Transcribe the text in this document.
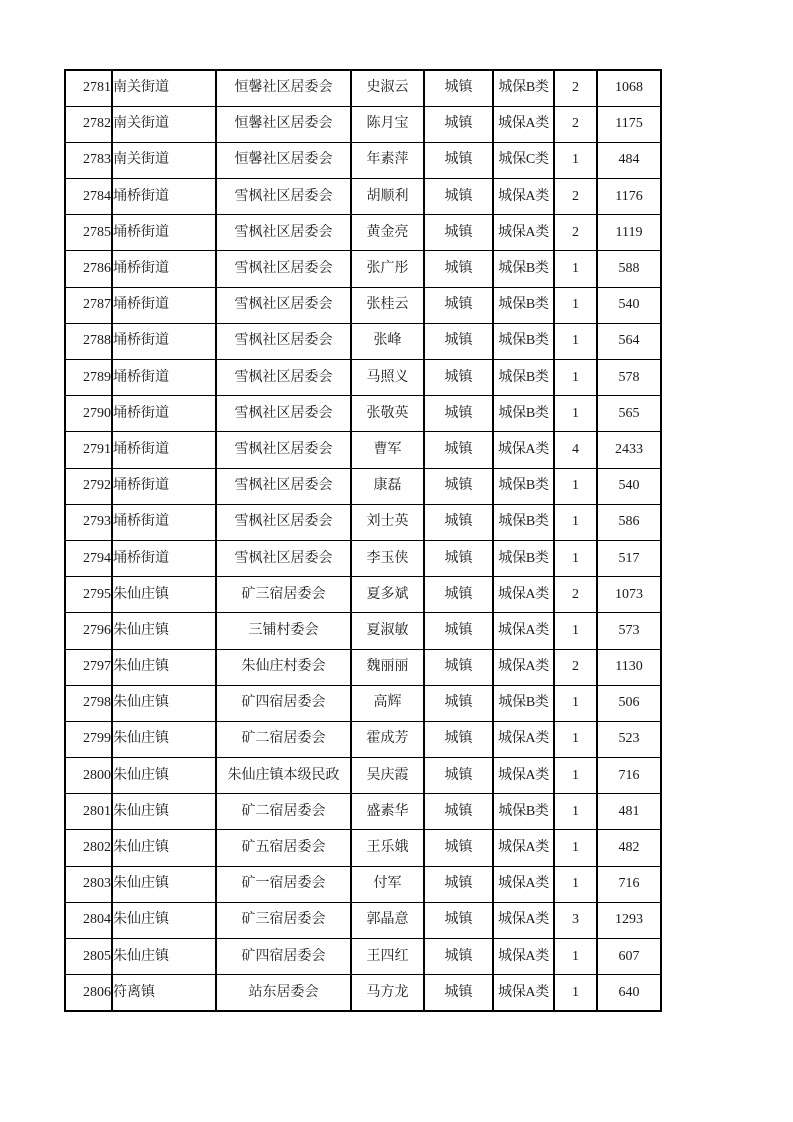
2781	南关街道	恒馨社区居委会	史淑云	城镇	城保B类	2	1068
2782	南关街道	恒馨社区居委会	陈月宝	城镇	城保A类	2	1175
2783	南关街道	恒馨社区居委会	年素萍	城镇	城保C类	1	484
2784	埇桥街道	雪枫社区居委会	胡顺利	城镇	城保A类	2	1176
2785	埇桥街道	雪枫社区居委会	黄金亮	城镇	城保A类	2	1119
2786	埇桥街道	雪枫社区居委会	张广彤	城镇	城保B类	1	588
2787	埇桥街道	雪枫社区居委会	张桂云	城镇	城保B类	1	540
2788	埇桥街道	雪枫社区居委会	张峰	城镇	城保B类	1	564
2789	埇桥街道	雪枫社区居委会	马照义	城镇	城保B类	1	578
2790	埇桥街道	雪枫社区居委会	张敬英	城镇	城保B类	1	565
2791	埇桥街道	雪枫社区居委会	曹军	城镇	城保A类	4	2433
2792	埇桥街道	雪枫社区居委会	康磊	城镇	城保B类	1	540
2793	埇桥街道	雪枫社区居委会	刘士英	城镇	城保B类	1	586
2794	埇桥街道	雪枫社区居委会	李玉侠	城镇	城保B类	1	517
2795	朱仙庄镇	矿三宿居委会	夏多斌	城镇	城保A类	2	1073
2796	朱仙庄镇	三铺村委会	夏淑敏	城镇	城保A类	1	573
2797	朱仙庄镇	朱仙庄村委会	魏丽丽	城镇	城保A类	2	1130
2798	朱仙庄镇	矿四宿居委会	高辉	城镇	城保B类	1	506
2799	朱仙庄镇	矿二宿居委会	霍成芳	城镇	城保A类	1	523
2800	朱仙庄镇	朱仙庄镇本级民政	吴庆霞	城镇	城保A类	1	716
2801	朱仙庄镇	矿二宿居委会	盛素华	城镇	城保B类	1	481
2802	朱仙庄镇	矿五宿居委会	王乐娥	城镇	城保A类	1	482
2803	朱仙庄镇	矿一宿居委会	付军	城镇	城保A类	1	716
2804	朱仙庄镇	矿三宿居委会	郭晶意	城镇	城保A类	3	1293
2805	朱仙庄镇	矿四宿居委会	王四红	城镇	城保A类	1	607
2806	符离镇	站东居委会	马方龙	城镇	城保A类	1	640
